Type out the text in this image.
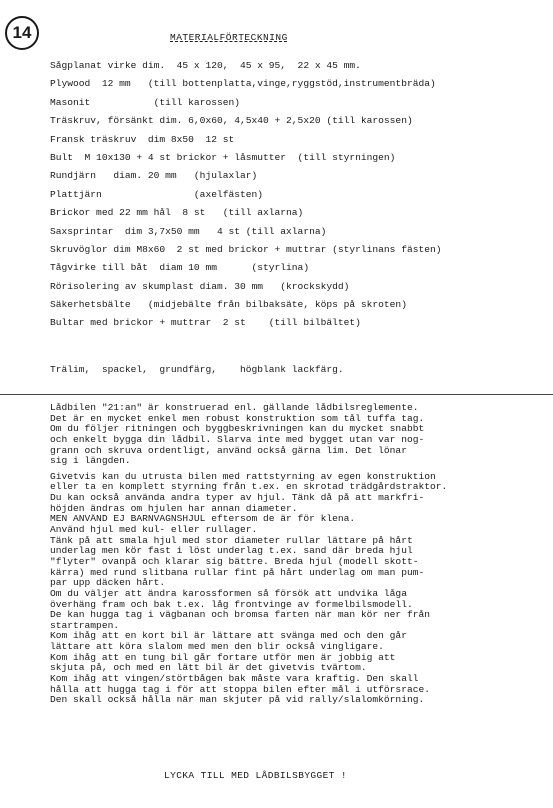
14	MATERIALFÖRTECKNING
Sågplanat virke dim.  45 x 120,  45 x 95,  22 x 45 mm.
Plywood  12 mm   (till bottenplatta,vinge,ryggstöd,instrumentbräda)
Masonit           (till karossen)
Träskruv, försänkt dim. 6,0x60, 4,5x40 + 2,5x20 (till karossen)
Fransk träskruv  dim 8x50  12 st
Bult  M 10x130 + 4 st brickor + låsmutter  (till styrningen)
Rundjärn   diam. 20 mm   (hjulaxlar)
Plattjärn                (axelfästen)
Brickor med 22 mm hål  8 st   (till axlarna)
Saxsprintar  dim 3,7x50 mm   4 st (till axlarna)
Skruvöglor dim M8x60  2 st med brickor + muttrar (styrlinans fästen)
Tågvirke till båt  diam 10 mm      (styrlina)
Rörisolering av skumplast diam. 30 mm   (krockskydd)
Säkerhetsbälte   (midjebälte från bilbaksäte, köps på skroten)
Bultar med brickor + muttrar  2 st    (till bilbältet)

Trälim,  spackel,  grundfärg,    högblank lackfärg.
Lådbilen "21:an" är konstruerad enl. gällande lådbilsreglemente.
Det är en mycket enkel men robust konstruktion som tål tuffa tag.
Om du följer ritningen och byggbeskrivningen kan du mycket snabbt
och enkelt bygga din lådbil. Slarva inte med bygget utan var nog-
grann och skruva ordentligt, använd också gärna lim. Det lönar
sig i längden.
Givetvis kan du utrusta bilen med rattstyrning av egen konstruktion
eller ta en komplett styrning från t.ex. en skrotad trädgårdstraktor.
Du kan också använda andra typer av hjul. Tänk då på att markfri-
höjden ändras om hjulen har annan diameter.
MEN ANVÄND EJ BARNVAGNSHJUL eftersom de är för klena.
Använd hjul med kul- eller rullager.
Tänk på att smala hjul med stor diameter rullar lättare på hårt
underlag men kör fast i löst underlag t.ex. sand där breda hjul
"flyter" ovanpå och klarar sig bättre. Breda hjul (modell skott-
kärra) med rund slitbana rullar fint på hårt underlag om man pum-
par upp däcken hårt.
Om du väljer att ändra karossformen så försök att undvika låga
överhäng fram och bak t.ex. låg frontvinge av formelbilsmodell.
De kan hugga tag i vägbanan och bromsa farten när man kör ner från
startrampen.
Kom ihåg att en kort bil är lättare att svänga med och den går
lättare att köra slalom med men den blir också vingligare.
Kom ihåg att en tung bil går fortare utför men är jobbig att
skjuta på, och med en lätt bil är det givetvis tvärtom.
Kom ihåg att vingen/störtbågen bak måste vara kraftig. Den skall
hålla att hugga tag i för att stoppa bilen efter mål i utförsrace.
Den skall också hålla när man skjuter på vid rally/slalomkörning.
LYCKA TILL MED LÅDBILSBYGGET !
